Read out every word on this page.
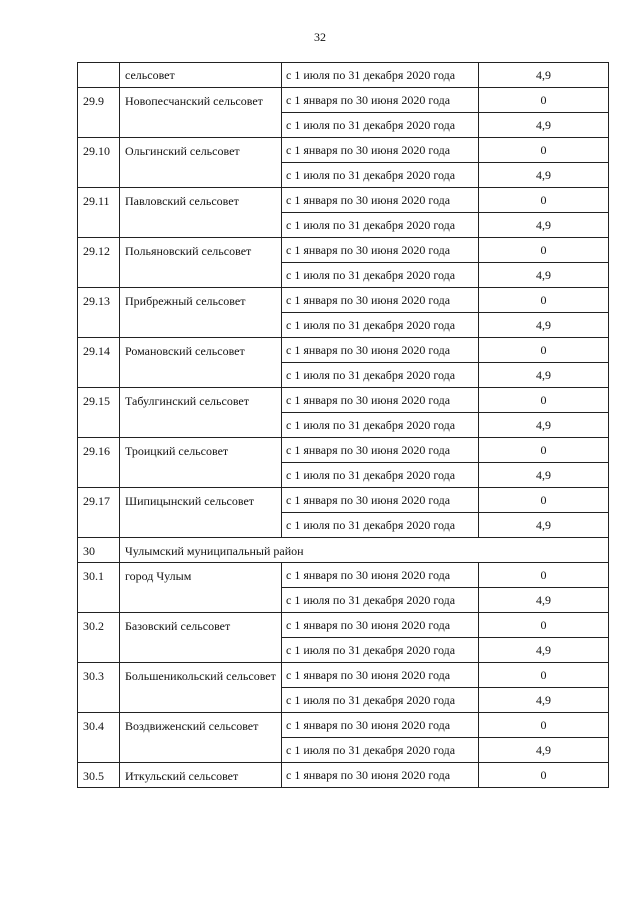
32
	сельсовет	с 1 июля по 31 декабря 2020 года	4,9
29.9	Новопесчанский сельсовет	с 1 января по 30 июня 2020 года	0
		с 1 июля по 31 декабря 2020 года	4,9
29.10	Ольгинский сельсовет	с 1 января по 30 июня 2020 года	0
		с 1 июля по 31 декабря 2020 года	4,9
29.11	Павловский сельсовет	с 1 января по 30 июня 2020 года	0
		с 1 июля по 31 декабря 2020 года	4,9
29.12	Польяновский сельсовет	с 1 января по 30 июня 2020 года	0
		с 1 июля по 31 декабря 2020 года	4,9
29.13	Прибрежный сельсовет	с 1 января по 30 июня 2020 года	0
		с 1 июля по 31 декабря 2020 года	4,9
29.14	Романовский сельсовет	с 1 января по 30 июня 2020 года	0
		с 1 июля по 31 декабря 2020 года	4,9
29.15	Табулгинский сельсовет	с 1 января по 30 июня 2020 года	0
		с 1 июля по 31 декабря 2020 года	4,9
29.16	Троицкий сельсовет	с 1 января по 30 июня 2020 года	0
		с 1 июля по 31 декабря 2020 года	4,9
29.17	Шипицынский сельсовет	с 1 января по 30 июня 2020 года	0
		с 1 июля по 31 декабря 2020 года	4,9
30	Чулымский муниципальный район		
30.1	город Чулым	с 1 января по 30 июня 2020 года	0
		с 1 июля по 31 декабря 2020 года	4,9
30.2	Базовский сельсовет	с 1 января по 30 июня 2020 года	0
		с 1 июля по 31 декабря 2020 года	4,9
30.3	Большеникольский сельсовет	с 1 января по 30 июня 2020 года	0
		с 1 июля по 31 декабря 2020 года	4,9
30.4	Воздвиженский сельсовет	с 1 января по 30 июня 2020 года	0
		с 1 июля по 31 декабря 2020 года	4,9
30.5	Иткульский сельсовет	с 1 января по 30 июня 2020 года	0
